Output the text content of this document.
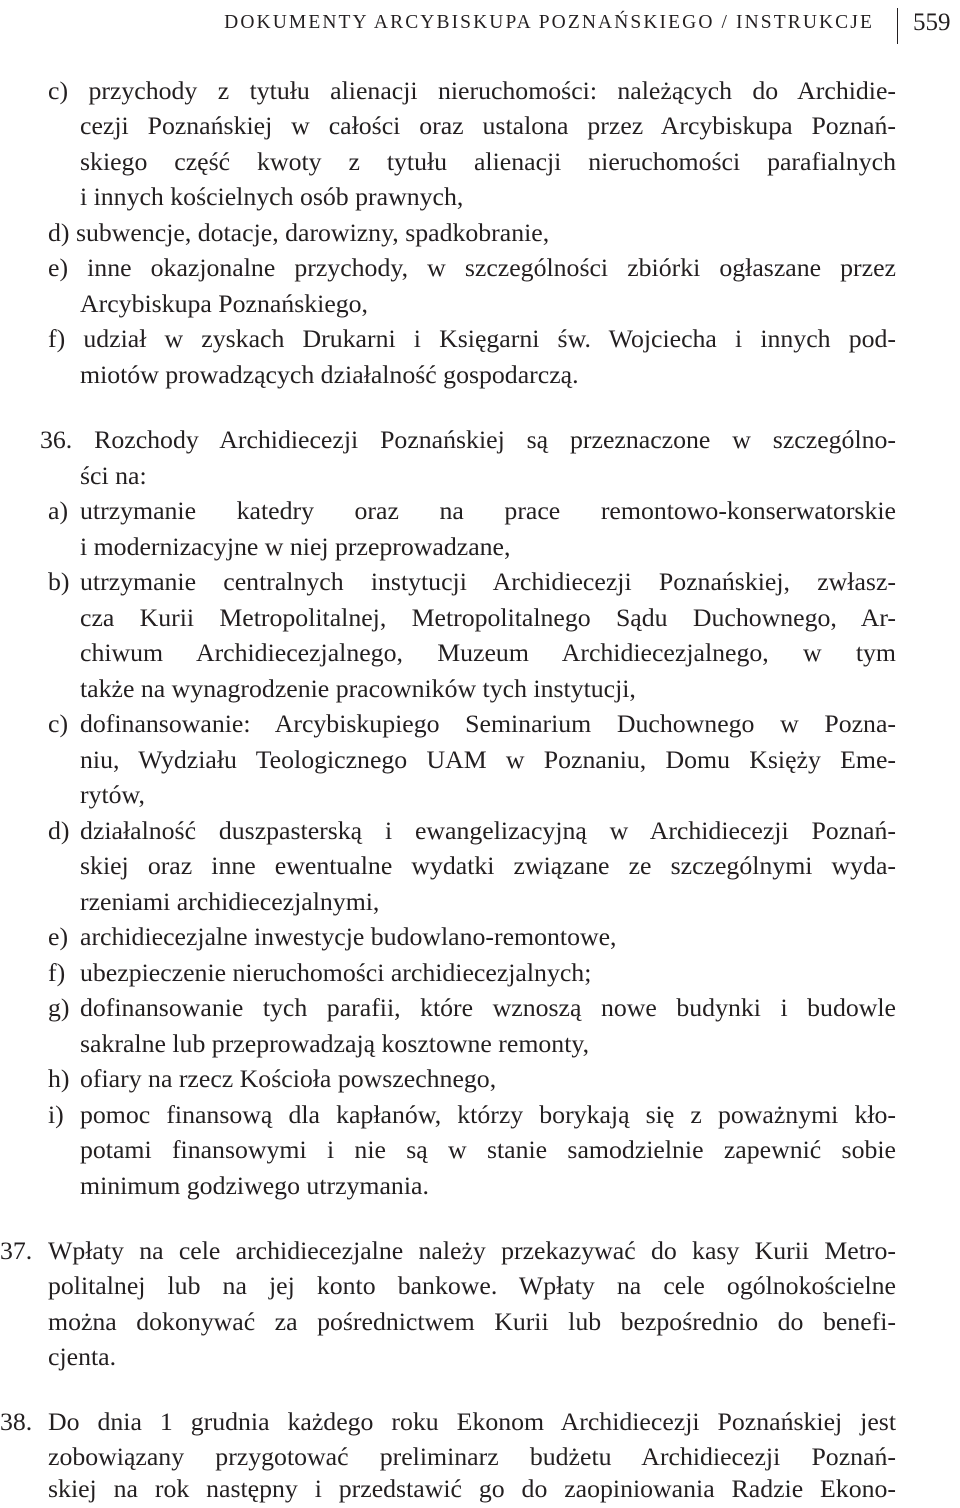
DOKUMENTY ARCYBISKUPA POZNAŃSKIEGO / INSTRUKCJE 559
c) przychody z tytułu alienacji nieruchomości: należących do Archidie-
cezji Poznańskiej w całości oraz ustalona przez Arcybiskupa Poznań-
skiego część kwoty z tytułu alienacji nieruchomości parafialnych
i innych kościelnych osób prawnych,
d) subwencje, dotacje, darowizny, spadkobranie,
e) inne okazjonalne przychody, w szczególności zbiórki ogłaszane przez
Arcybiskupa Poznańskiego,
f) udział w zyskach Drukarni i Księgarni św. Wojciecha i innych pod-
miotów prowadzących działalność gospodarczą.
36. Rozchody Archidiecezji Poznańskiej są przeznaczone w szczególno-
ści na:
a) utrzymanie katedry oraz na prace remontowo-konserwatorskie
i modernizacyjne w niej przeprowadzane,
b) utrzymanie centralnych instytucji Archidiecezji Poznańskiej, zwłasz-
cza Kurii Metropolitalnej, Metropolitalnego Sądu Duchownego, Ar-
chiwum Archidiecezjalnego, Muzeum Archidiecezjalnego, w tym
także na wynagrodzenie pracowników tych instytucji,
c) dofinansowanie: Arcybiskupiego Seminarium Duchownego w Pozna-
niu, Wydziału Teologicznego UAM w Poznaniu, Domu Księży Eme-
rytów,
d) działalność duszpasterską i ewangelizacyjną w Archidiecezji Poznań-
skiej oraz inne ewentualne wydatki związane ze szczególnymi wyda-
rzeniami archidiecezjalnymi,
e) archidiecezjalne inwestycje budowlano-remontowe,
f) ubezpieczenie nieruchomości archidiecezjalnych;
g) dofinansowanie tych parafii, które wznoszą nowe budynki i budowle
sakralne lub przeprowadzają kosztowne remonty,
h) ofiary na rzecz Kościoła powszechnego,
i) pomoc finansową dla kapłanów, którzy borykają się z poważnymi kło-
potami finansowymi i nie są w stanie samodzielnie zapewnić sobie
minimum godziwego utrzymania.
37. Wpłaty na cele archidiecezjalne należy przekazywać do kasy Kurii Metro-
politalnej lub na jej konto bankowe. Wpłaty na cele ogólnokościelne
można dokonywać za pośrednictwem Kurii lub bezpośrednio do benefi-
cjenta.
38. Do dnia 1 grudnia każdego roku Ekonom Archidiecezji Poznańskiej jest
zobowiązany przygotować preliminarz budżetu Archidiecezji Poznań-
skiej na rok następny i przedstawić go do zaopiniowania Radzie Ekono-
